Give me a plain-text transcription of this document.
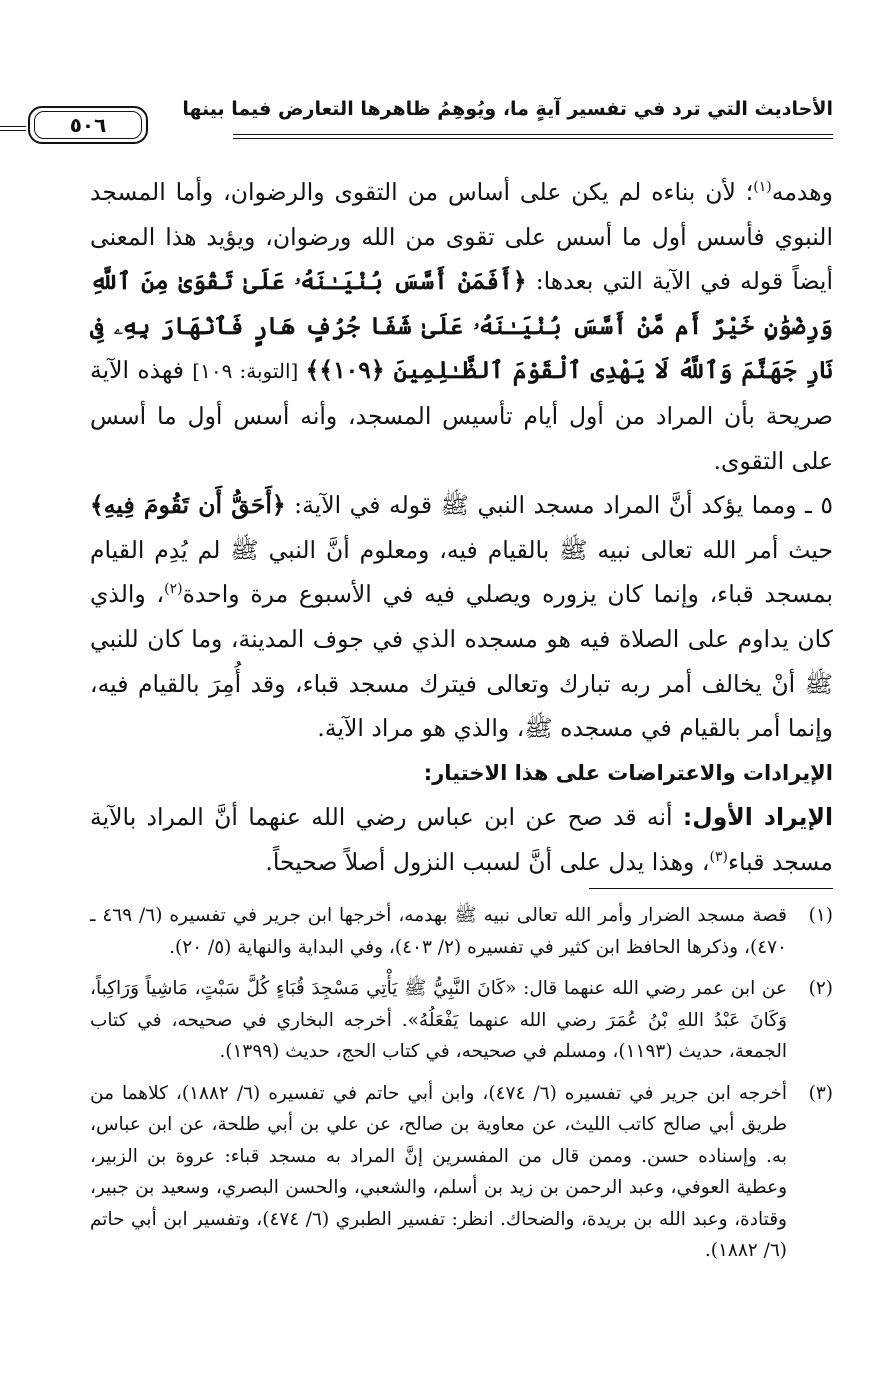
الأحاديث التي ترد في تفسير آيةٍ ما، ويُوهِمُ ظاهرها التعارض فيما بينها
٥٠٦

وهدمه$^{(١)}$؛ لأن بناءه لم يكن على أساس من التقوى والرضوان، وأما المسجد النبوي فأسس أول ما أسس على تقوى من الله ورضوان، ويؤيد هذا المعنى أيضاً قوله في الآية التي بعدها: ﴿أَفَمَنْ أَسَّسَ بُنْيَـٰنَهُۥ عَلَىٰ تَقْوَىٰ مِنَ ٱللَّهِ وَرِضْوَٰنٍ خَيْرٌ أَم مَّنْ أَسَّسَ بُنْيَـٰنَهُۥ عَلَىٰ شَفَا جُرُفٍ هَارٍ فَٱنْهَارَ بِهِۦ فِى نَارِ جَهَنَّمَ وَٱللَّهُ لَا يَهْدِى ٱلْقَوْمَ ٱلظَّـٰلِمِينَ ﴿١٠٩﴾﴾ [التوبة: ١٠٩] فهذه الآية صريحة بأن المراد من أول أيام تأسيس المسجد، وأنه أسس أول ما أسس على التقوى.

٥ ـ ومما يؤكد أنَّ المراد مسجد النبي ﷺ قوله في الآية: ﴿أَحَقُّ أَن تَقُومَ فِيهِ﴾ حيث أمر الله تعالى نبيه ﷺ بالقيام فيه، ومعلوم أنَّ النبي ﷺ لم يُدِم القيام بمسجد قباء، وإنما كان يزوره ويصلي فيه في الأسبوع مرة واحدة$^{(٢)}$، والذي كان يداوم على الصلاة فيه هو مسجده الذي في جوف المدينة، وما كان للنبي ﷺ أنْ يخالف أمر ربه تبارك وتعالى فيترك مسجد قباء، وقد أُمِرَ بالقيام فيه، وإنما أمر بالقيام في مسجده ﷺ، والذي هو مراد الآية.

الإيرادات والاعتراضات على هذا الاختيار:

الإيراد الأول: أنه قد صح عن ابن عباس رضي الله عنهما أنَّ المراد بالآية مسجد قباء$^{(٣)}$، وهذا يدل على أنَّ لسبب النزول أصلاً صحيحاً.

(١)
قصة مسجد الضرار وأمر الله تعالى نبيه ﷺ بهدمه، أخرجها ابن جرير في تفسيره (٦/ ٤٦٩ ـ ٤٧٠)، وذكرها الحافظ ابن كثير في تفسيره (٢/ ٤٠٣)، وفي البداية والنهاية (٥/ ٢٠).

(٢)
عن ابن عمر رضي الله عنهما قال: «كَانَ النَّبِيُّ ﷺ يَأْتِي مَسْجِدَ قُبَاءٍ كُلَّ سَبْتٍ، مَاشِياً وَرَاكِباً، وَكَانَ عَبْدُ اللهِ بْنُ عُمَرَ رضي الله عنهما يَفْعَلُهُ». أخرجه البخاري في صحيحه، في كتاب الجمعة، حديث (١١٩٣)، ومسلم في صحيحه، في كتاب الحج، حديث (١٣٩٩).

(٣)
أخرجه ابن جرير في تفسيره (٦/ ٤٧٤)، وابن أبي حاتم في تفسيره (٦/ ١٨٨٢)، كلاهما من طريق أبي صالح كاتب الليث، عن معاوية بن صالح، عن علي بن أبي طلحة، عن ابن عباس، به. وإسناده حسن. وممن قال من المفسرين إنَّ المراد به مسجد قباء: عروة بن الزبير، وعطية العوفي، وعبد الرحمن بن زيد بن أسلم، والشعبي، والحسن البصري، وسعيد بن جبير، وقتادة، وعبد الله بن بريدة، والضحاك. انظر: تفسير الطبري (٦/ ٤٧٤)، وتفسير ابن أبي حاتم (٦/ ١٨٨٢).
